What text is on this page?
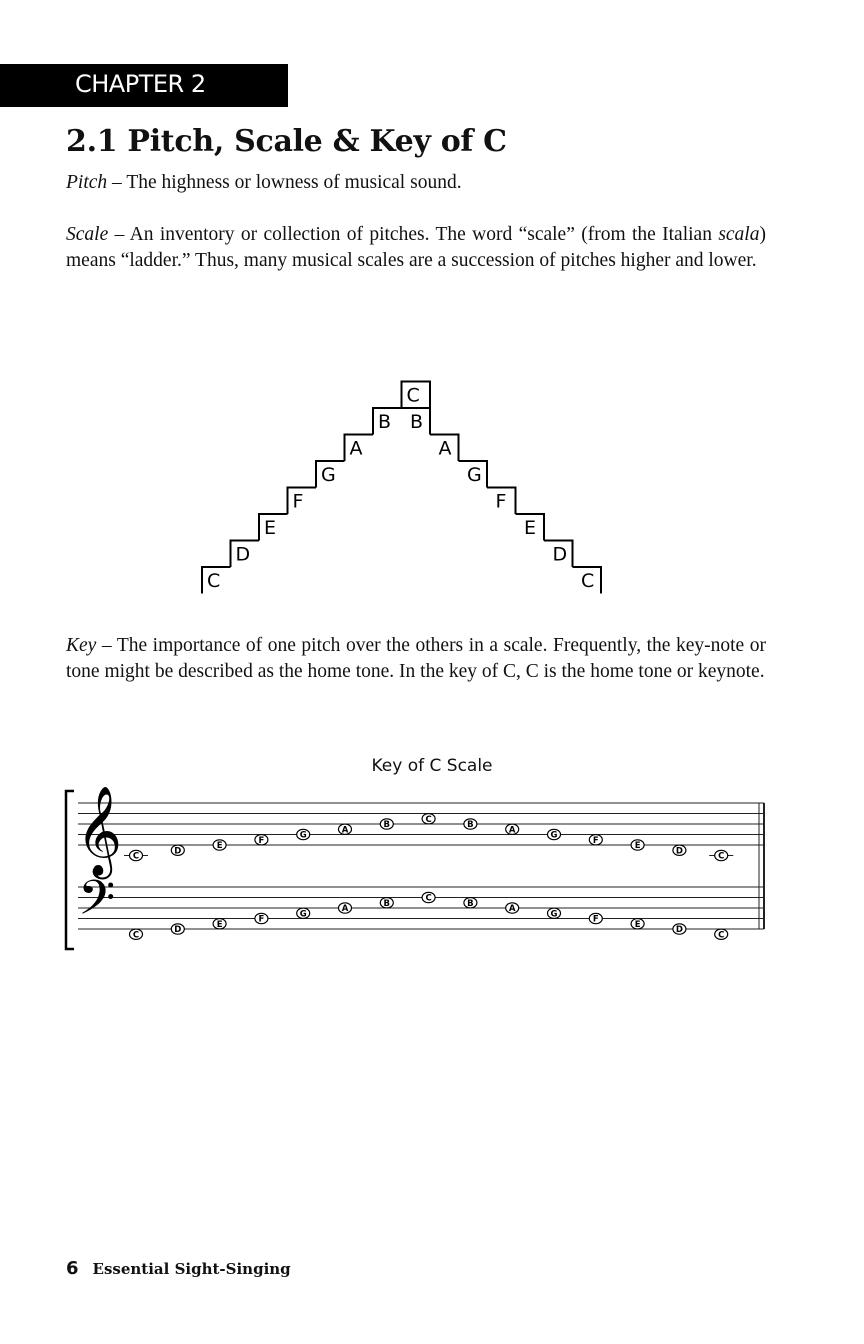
CHAPTER 2
2.1 Pitch, Scale & Key of C

Pitch – The highness or lowness of musical sound.

Scale – An inventory or collection of pitches. The word “scale” (from the Italian scala) means “ladder.” Thus, many musical scales are a succession of pitches higher and lower.

C
D
E
F
G
A
B
C
B
A
G
F
E
D
C

Key – The importance of one pitch over the others in a scale. Frequently, the key-note or tone might be described as the home tone. In the key of C, C is the home tone or keynote.

Key of C Scale
𝄞
𝄢
C
D
E
F
G
A
B
C
B
A
G
F
E
D
C
C
D
E
F
G
A
B
C
B
A
G
F
E
D
C
6 Essential Sight-Singing
